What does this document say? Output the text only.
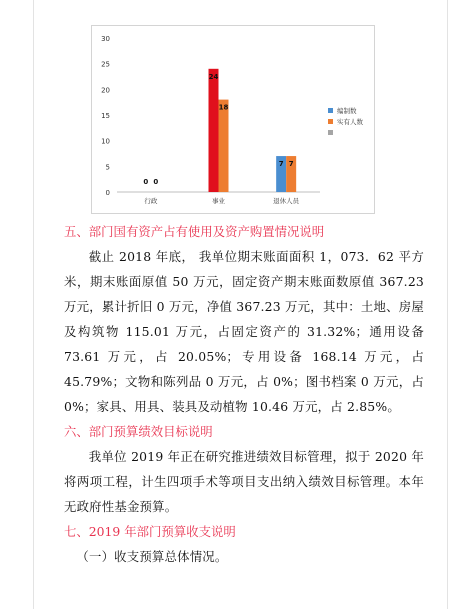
0
5
10
15
20
25
30
0 0
行政
24
18
事业
7 7
退休人员
编制数
实有人数

五、部门国有资产占有使用及资产购置情况说明

截止 2018 年底， 我单位期末账面面积 1，073．62 平方米，期末账面原值 50 万元，固定资产期末账面数原值 367.23 万元，累计折旧 0 万元，净值 367.23 万元，其中：土地、房屋及构筑物 115.01 万元，占固定资产的 31.32%；通用设备 73.61 万元，占 20.05%；专用设备 168.14 万元，占 45.79%；文物和陈列品 0 万元，占 0%；图书档案 0 万元，占 0%；家具、用具、装具及动植物 10.46 万元，占 2.85%。

六、部门预算绩效目标说明

我单位 2019 年正在研究推进绩效目标管理，拟于 2020 年将两项工程，计生四项手术等项目支出纳入绩效目标管理。本年无政府性基金预算。

七、2019 年部门预算收支说明

（一）收支预算总体情况。
